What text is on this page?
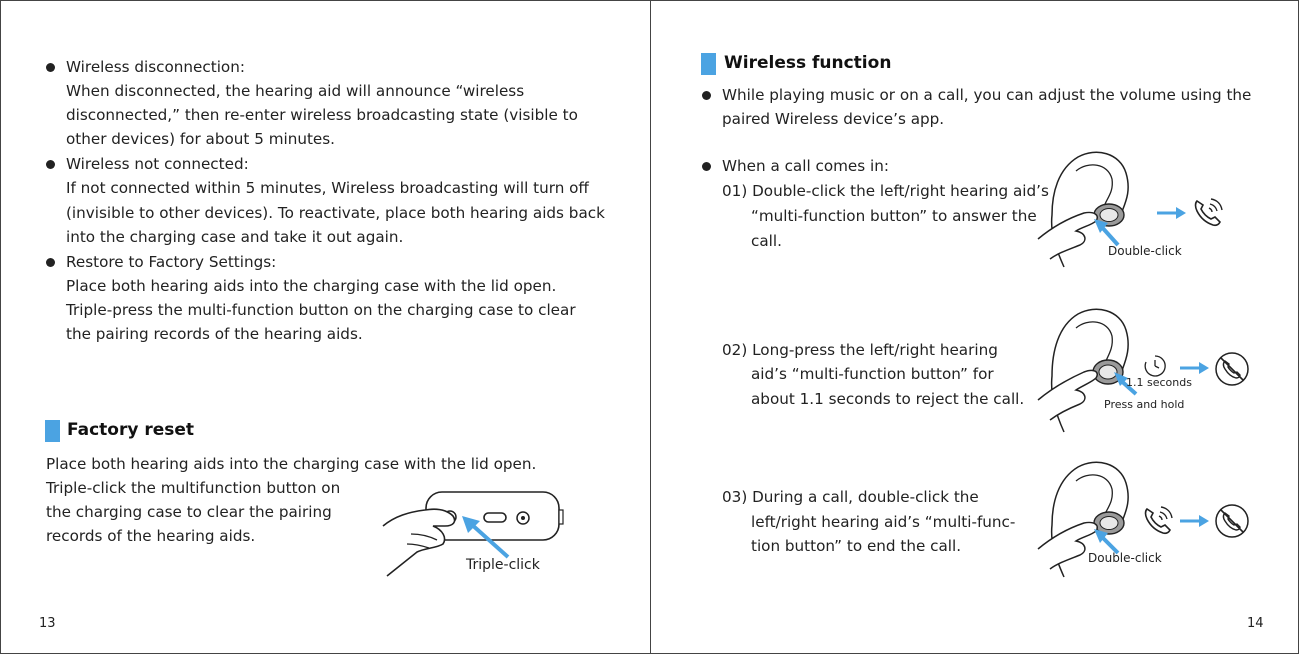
Wireless disconnection:
When disconnected, the hearing aid will announce “wireless
disconnected,” then re-enter wireless broadcasting state (visible to
other devices) for about 5 minutes.
Wireless not connected:
If not connected within 5 minutes, Wireless broadcasting will turn off
(invisible to other devices). To reactivate, place both hearing aids back
into the charging case and take it out again.
Restore to Factory Settings:
Place both hearing aids into the charging case with the lid open.
Triple-press the multi-function button on the charging case to clear
the pairing records of the hearing aids.
Factory reset
Place both hearing aids into the charging case with the lid open.
Triple-click the multifunction button on
the charging case to clear the pairing
records of the hearing aids.
Triple-click
13
Wireless function
While playing music or on a call, you can adjust the volume using the
paired Wireless device’s app.
When a call comes in:
01) Double-click the left/right hearing aid’s
“multi-function button” to answer the
call.
Double-click
02) Long-press the left/right hearing
aid’s “multi-function button” for
about 1.1 seconds to reject the call.
1.1 seconds
Press and hold
03) During a call, double-click the
left/right hearing aid’s “multi-func-
tion button” to end the call.
Double-click
14
